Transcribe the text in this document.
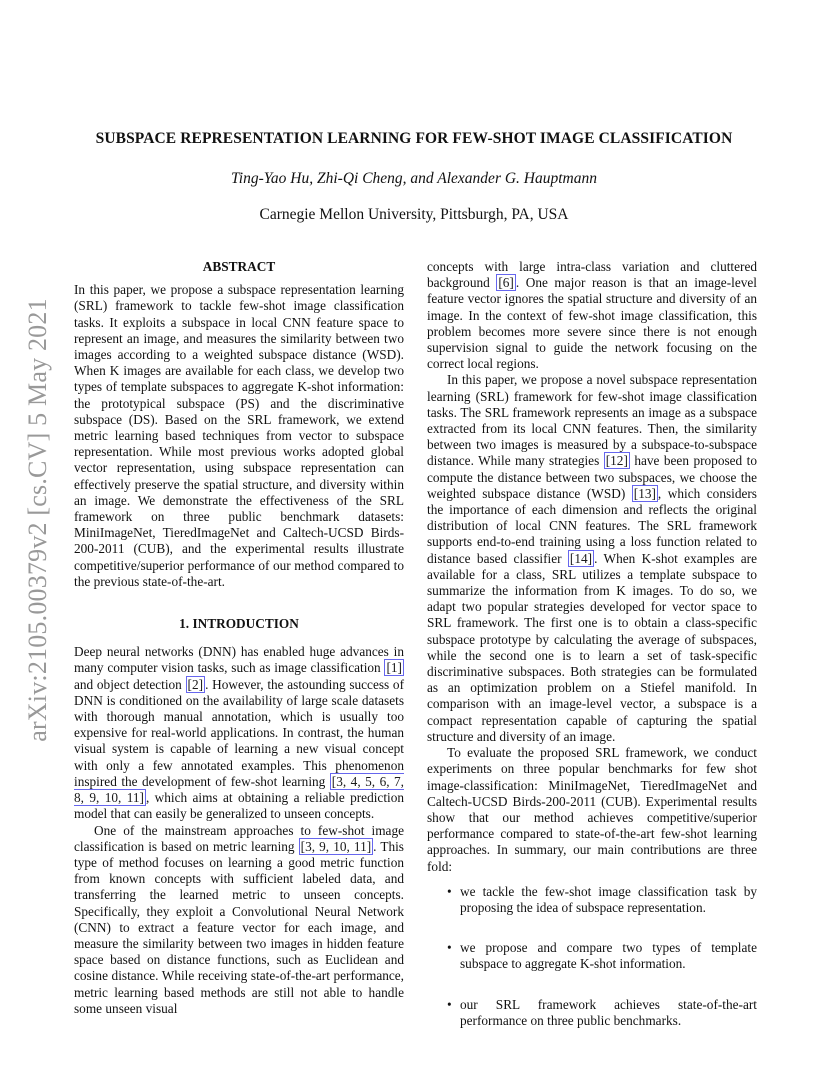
arXiv:2105.00379v2 [cs.CV] 5 May 2021
SUBSPACE REPRESENTATION LEARNING FOR FEW-SHOT IMAGE CLASSIFICATION
Ting-Yao Hu, Zhi-Qi Cheng, and Alexander G. Hauptmann
Carnegie Mellon University, Pittsburgh, PA, USA
ABSTRACT

In this paper, we propose a subspace representation learning (SRL) framework to tackle few-shot image classification tasks. It exploits a subspace in local CNN feature space to represent an image, and measures the similarity between two images according to a weighted subspace distance (WSD). When K images are available for each class, we develop two types of template subspaces to aggregate K-shot information: the prototypical subspace (PS) and the discriminative subspace (DS). Based on the SRL framework, we extend metric learning based techniques from vector to subspace representation. While most previous works adopted global vector representation, using subspace representation can effectively preserve the spatial structure, and diversity within an image. We demonstrate the effectiveness of the SRL framework on three public benchmark datasets: MiniImageNet, TieredImageNet and Caltech-UCSD Birds-200-2011 (CUB), and the experimental results illustrate competitive/superior performance of our method compared to the previous state-of-the-art.

1. INTRODUCTION

Deep neural networks (DNN) has enabled huge advances in many computer vision tasks, such as image classification [1] and object detection [2] . However, the astounding success of DNN is conditioned on the availability of large scale datasets with thorough manual annotation, which is usually too expensive for real-world applications. In contrast, the human visual system is capable of learning a new visual concept with only a few annotated examples. This phenomenon inspired the development of few-shot learning [3, 4, 5, 6, 7, 8, 9, 10, 11] , which aims at obtaining a reliable prediction model that can easily be generalized to unseen concepts.

One of the mainstream approaches to few-shot image classification is based on metric learning [3, 9, 10, 11] . This type of method focuses on learning a good metric function from known concepts with sufficient labeled data, and transferring the learned metric to unseen concepts. Specifically, they exploit a Convolutional Neural Network (CNN) to extract a feature vector for each image, and measure the similarity between two images in hidden feature space based on distance functions, such as Euclidean and cosine distance. While receiving state-of-the-art performance, metric learning based methods are still not able to handle some unseen visual

concepts with large intra-class variation and cluttered background [6] . One major reason is that an image-level feature vector ignores the spatial structure and diversity of an image. In the context of few-shot image classification, this problem becomes more severe since there is not enough supervision signal to guide the network focusing on the correct local regions.

In this paper, we propose a novel subspace representation learning (SRL) framework for few-shot image classification tasks. The SRL framework represents an image as a subspace extracted from its local CNN features. Then, the similarity between two images is measured by a subspace-to-subspace distance. While many strategies [12] have been proposed to compute the distance between two subspaces, we choose the weighted subspace distance (WSD) [13] , which considers the importance of each dimension and reflects the original distribution of local CNN features. The SRL framework supports end-to-end training using a loss function related to distance based classifier [14] . When K-shot examples are available for a class, SRL utilizes a template subspace to summarize the information from K images. To do so, we adapt two popular strategies developed for vector space to SRL framework. The first one is to obtain a class-specific subspace prototype by calculating the average of subspaces, while the second one is to learn a set of task-specific discriminative subspaces. Both strategies can be formulated as an optimization problem on a Stiefel manifold. In comparison with an image-level vector, a subspace is a compact representation capable of capturing the spatial structure and diversity of an image.

To evaluate the proposed SRL framework, we conduct experiments on three popular benchmarks for few shot image-classification: MiniImageNet, TieredImageNet and Caltech-UCSD Birds-200-2011 (CUB). Experimental results show that our method achieves competitive/superior performance compared to state-of-the-art few-shot learning approaches. In summary, our main contributions are three fold:

• we tackle the few-shot image classification task by proposing the idea of subspace representation.
• we propose and compare two types of template subspace to aggregate K-shot information.
• our SRL framework achieves state-of-the-art performance on three public benchmarks.
